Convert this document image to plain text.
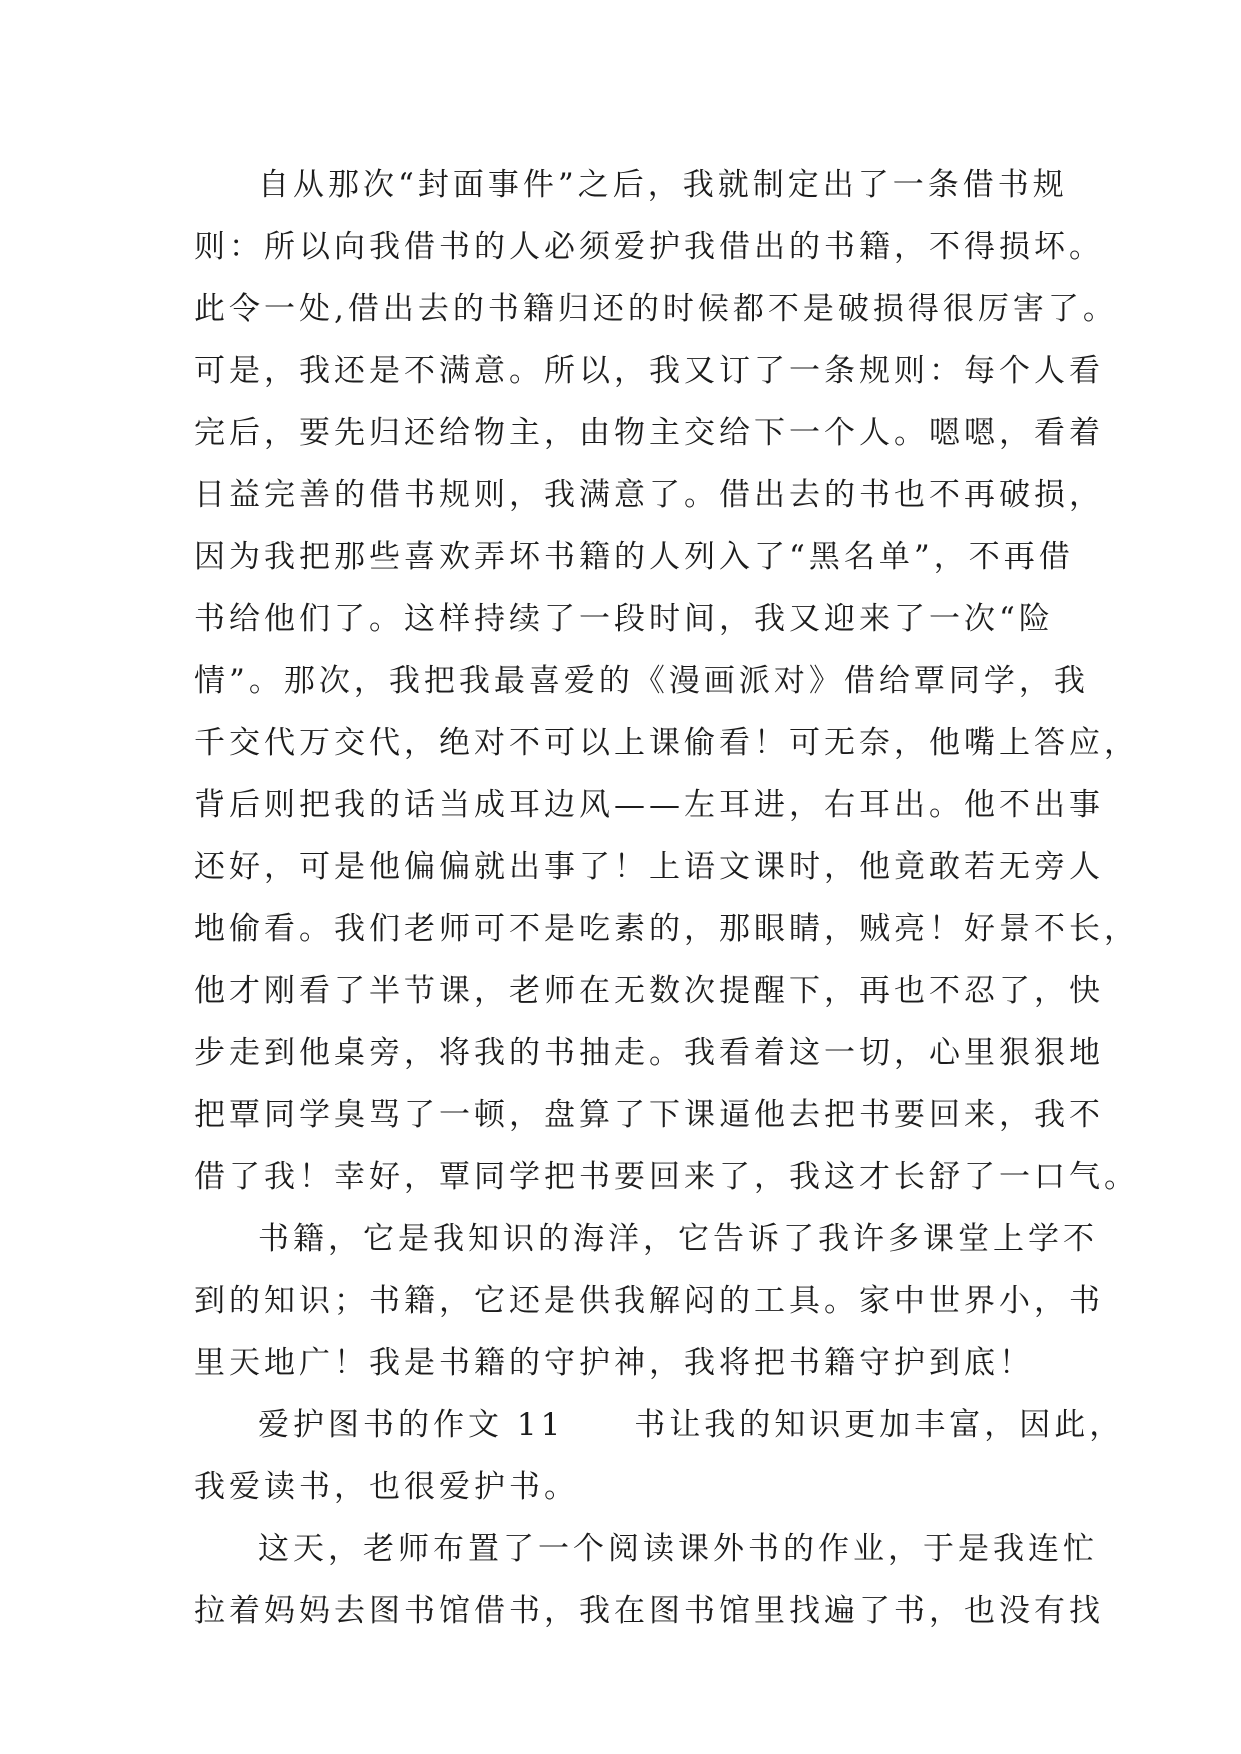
自从那次“封面事件”之后，我就制定出了一条借书规
则：所以向我借书的人必须爱护我借出的书籍，不得损坏。
此令一处,借出去的书籍归还的时候都不是破损得很厉害了。
可是，我还是不满意。所以，我又订了一条规则：每个人看
完后，要先归还给物主，由物主交给下一个人。嗯嗯，看着
日益完善的借书规则，我满意了。借出去的书也不再破损，
因为我把那些喜欢弄坏书籍的人列入了“黑名单”，不再借
书给他们了。这样持续了一段时间，我又迎来了一次“险
情”。那次，我把我最喜爱的《漫画派对》借给覃同学，我
千交代万交代，绝对不可以上课偷看！可无奈，他嘴上答应，
背后则把我的话当成耳边风——左耳进，右耳出。他不出事
还好，可是他偏偏就出事了！上语文课时，他竟敢若无旁人
地偷看。我们老师可不是吃素的，那眼睛，贼亮！好景不长，
他才刚看了半节课，老师在无数次提醒下，再也不忍了，快
步走到他桌旁，将我的书抽走。我看着这一切，心里狠狠地
把覃同学臭骂了一顿，盘算了下课逼他去把书要回来，我不
借了我！幸好，覃同学把书要回来了，我这才长舒了一口气。
书籍，它是我知识的海洋，它告诉了我许多课堂上学不
到的知识；书籍，它还是供我解闷的工具。家中世界小，书
里天地广！我是书籍的守护神，我将把书籍守护到底！
爱护图书的作文 11　　书让我的知识更加丰富，因此，
我爱读书，也很爱护书。
这天，老师布置了一个阅读课外书的作业，于是我连忙
拉着妈妈去图书馆借书，我在图书馆里找遍了书，也没有找
